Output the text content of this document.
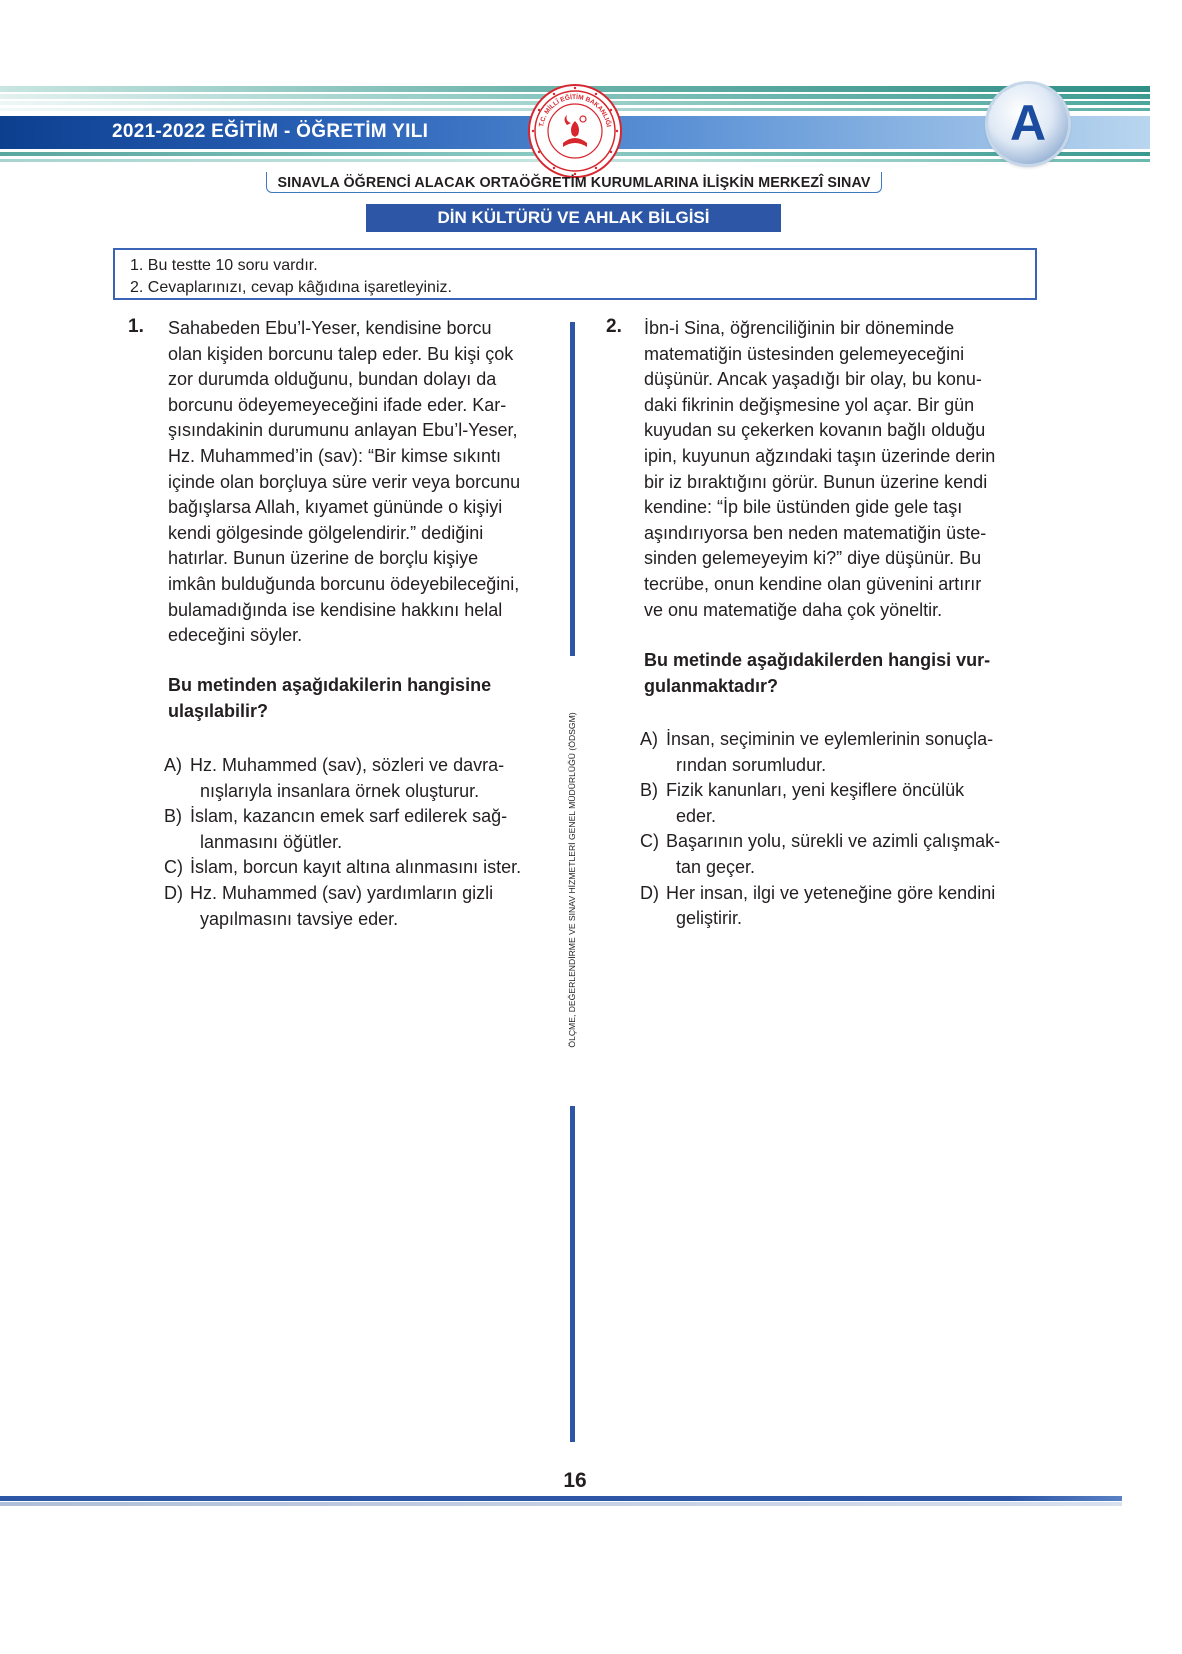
2021-2022 EĞİTİM - ÖĞRETİM YILI	T.C. MİLLÎ EĞİTİM BAKANLIĞI	A
SINAVLA ÖĞRENCİ ALACAK ORTAÖĞRETİM KURUMLARINA İLİŞKİN MERKEZÎ SINAV
DİN KÜLTÜRÜ VE AHLAK BİLGİSİ
1. Bu testte 10 soru vardır.
2. Cevaplarınızı, cevap kâğıdına işaretleyiniz.
ÖLÇME, DEĞERLENDİRME VE SINAV HİZMETLERİ GENEL MÜDÜRLÜĞÜ (ÖDSGM)
1. Sahabeden Ebu’l-Yeser, kendisine borcu
olan kişiden borcunu talep eder. Bu kişi çok
zor durumda olduğunu, bundan dolayı da
borcunu ödeyemeyeceğini ifade eder. Kar-
şısındakinin durumunu anlayan Ebu’l-Yeser,
Hz. Muhammed’in (sav): “Bir kimse sıkıntı
içinde olan borçluya süre verir veya borcunu
bağışlarsa Allah, kıyamet gününde o kişiyi
kendi gölgesinde gölgelendirir.” dediğini
hatırlar. Bunun üzerine de borçlu kişiye
imkân bulduğunda borcunu ödeyebileceğini,
bulamadığında ise kendisine hakkını helal
edeceğini söyler.
Bu metinden aşağıdakilerin hangisine
ulaşılabilir?
A) Hz. Muhammed (sav), sözleri ve davra-
nışlarıyla insanlara örnek oluşturur.
B) İslam, kazancın emek sarf edilerek sağ-
lanmasını öğütler.
C) İslam, borcun kayıt altına alınmasını ister.
D) Hz. Muhammed (sav) yardımların gizli
yapılmasını tavsiye eder.
2. İbn-i Sina, öğrenciliğinin bir döneminde
matematiğin üstesinden gelemeyeceğini
düşünür. Ancak yaşadığı bir olay, bu konu-
daki fikrinin değişmesine yol açar. Bir gün
kuyudan su çekerken kovanın bağlı olduğu
ipin, kuyunun ağzındaki taşın üzerinde derin
bir iz bıraktığını görür. Bunun üzerine kendi
kendine: “İp bile üstünden gide gele taşı
aşındırıyorsa ben neden matematiğin üste-
sinden gelemeyeyim ki?” diye düşünür. Bu
tecrübe, onun kendine olan güvenini artırır
ve onu matematiğe daha çok yöneltir.
Bu metinde aşağıdakilerden hangisi vur-
gulanmaktadır?
A) İnsan, seçiminin ve eylemlerinin sonuçla-
rından sorumludur.
B) Fizik kanunları, yeni keşiflere öncülük
eder.
C) Başarının yolu, sürekli ve azimli çalışmak-
tan geçer.
D) Her insan, ilgi ve yeteneğine göre kendini
geliştirir.
16
